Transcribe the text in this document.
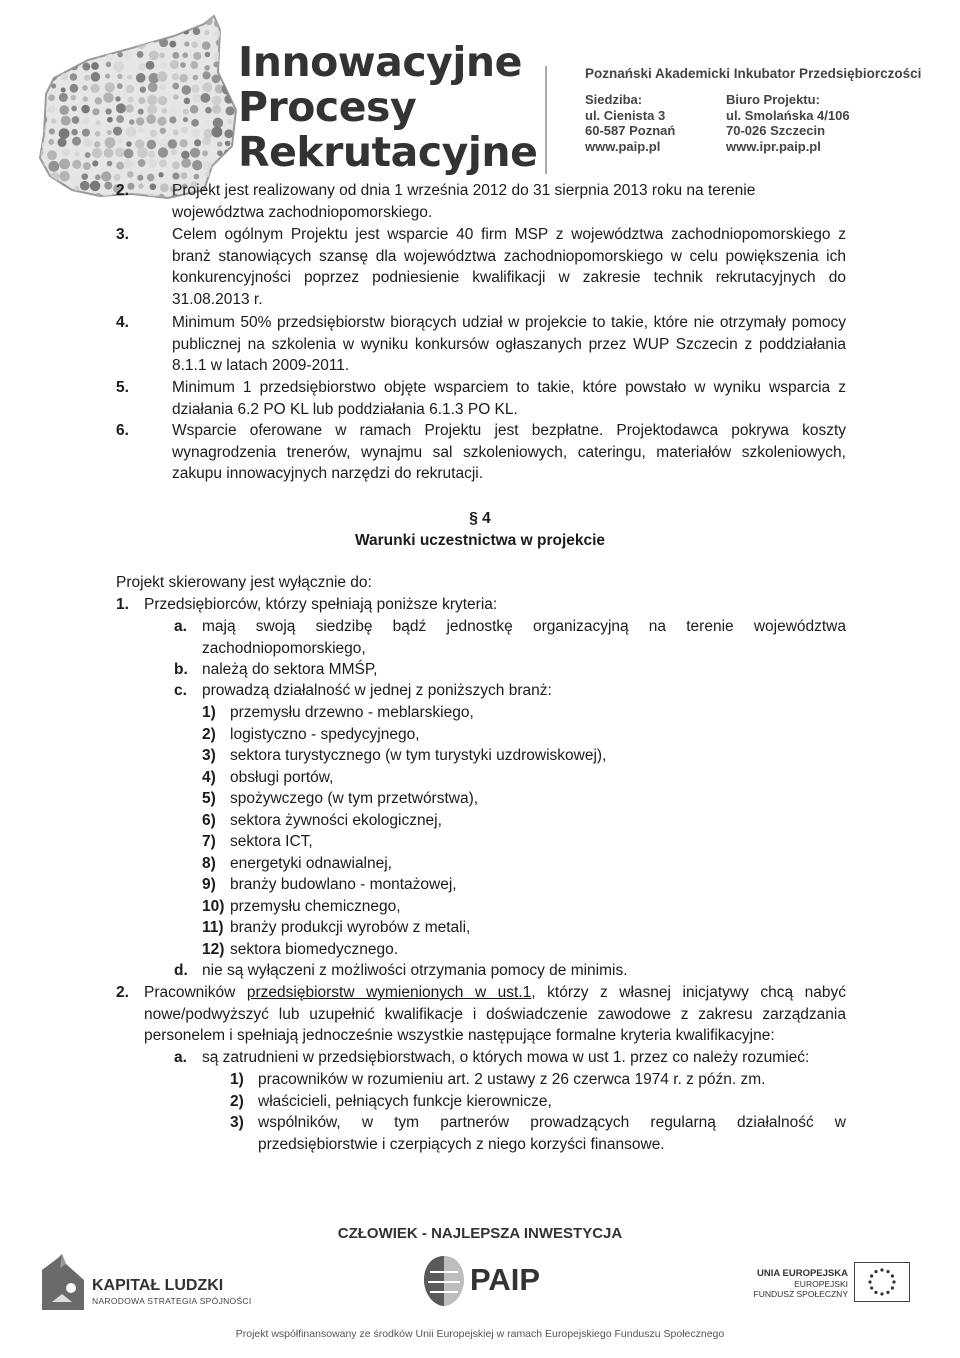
Innowacyjne
Procesy
Rekrutacyjne
Poznański Akademicki Inkubator Przedsiębiorczości
Siedziba:
ul. Cienista 3
60-587 Poznań
www.paip.pl
Biuro Projektu:
ul. Smolańska 4/106
70-026 Szczecin
www.ipr.paip.pl
2.	Projekt jest realizowany od dnia 1 września 2012 do 31 sierpnia 2013 roku na terenie województwa zachodniopomorskiego.
3.	Celem ogólnym Projektu jest wsparcie 40 firm MSP z województwa zachodniopomorskiego z branż stanowiących szansę dla województwa zachodniopomorskiego w celu powiększenia ich konkurencyjności poprzez podniesienie kwalifikacji w zakresie technik rekrutacyjnych do 31.08.2013 r.
4.	Minimum 50% przedsiębiorstw biorących udział w projekcie to takie, które nie otrzymały pomocy publicznej na szkolenia w wyniku konkursów ogłaszanych przez WUP Szczecin z poddziałania 8.1.1 w latach 2009-2011.
5.	Minimum 1 przedsiębiorstwo objęte wsparciem to takie, które powstało w wyniku wsparcia z działania 6.2 PO KL lub poddziałania 6.1.3 PO KL.
6.	Wsparcie oferowane w ramach Projektu jest bezpłatne. Projektodawca pokrywa koszty wynagrodzenia trenerów, wynajmu sal szkoleniowych, cateringu, materiałów szkoleniowych, zakupu innowacyjnych narzędzi do rekrutacji.
§ 4
Warunki uczestnictwa w projekcie
Projekt skierowany jest wyłącznie do:
1. Przedsiębiorców, którzy spełniają poniższe kryteria:
a. mają swoją siedzibę bądź jednostkę organizacyjną na terenie województwa zachodniopomorskiego,
b. należą do sektora MMŚP,
c. prowadzą działalność w jednej z poniższych branż:
1) przemysłu drzewno - meblarskiego,
2) logistyczno - spedycyjnego,
3) sektora turystycznego (w tym turystyki uzdrowiskowej),
4) obsługi portów,
5) spożywczego (w tym przetwórstwa),
6) sektora żywności ekologicznej,
7) sektora ICT,
8) energetyki odnawialnej,
9) branży budowlano - montażowej,
10) przemysłu chemicznego,
11) branży produkcji wyrobów z metali,
12) sektora biomedycznego.
d. nie są wyłączeni z możliwości otrzymania pomocy de minimis.
2. Pracowników przedsiębiorstw wymienionych w ust.1, którzy z własnej inicjatywy chcą nabyć nowe/podwyższyć lub uzupełnić kwalifikacje i doświadczenie zawodowe z zakresu zarządzania personelem i spełniają jednocześnie wszystkie następujące formalne kryteria kwalifikacyjne:
a. są zatrudnieni w przedsiębiorstwach, o których mowa w ust 1. przez co należy rozumieć:
1) pracowników w rozumieniu art. 2 ustawy z 26 czerwca 1974 r. z późn. zm.
2) właścicieli, pełniących funkcje kierownicze,
3) wspólników, w tym partnerów prowadzących regularną działalność w przedsiębiorstwie i czerpiących z niego korzyści finansowe.
CZŁOWIEK - NAJLEPSZA INWESTYCJA
KAPITAŁ LUDZKI
NARODOWA STRATEGIA SPÓJNOŚCI
PAIP	UNIA EUROPEJSKA
EUROPEJSKI
FUNDUSZ SPOŁECZNY
Projekt współfinansowany ze środków Unii Europejskiej w ramach Europejskiego Funduszu Społecznego
